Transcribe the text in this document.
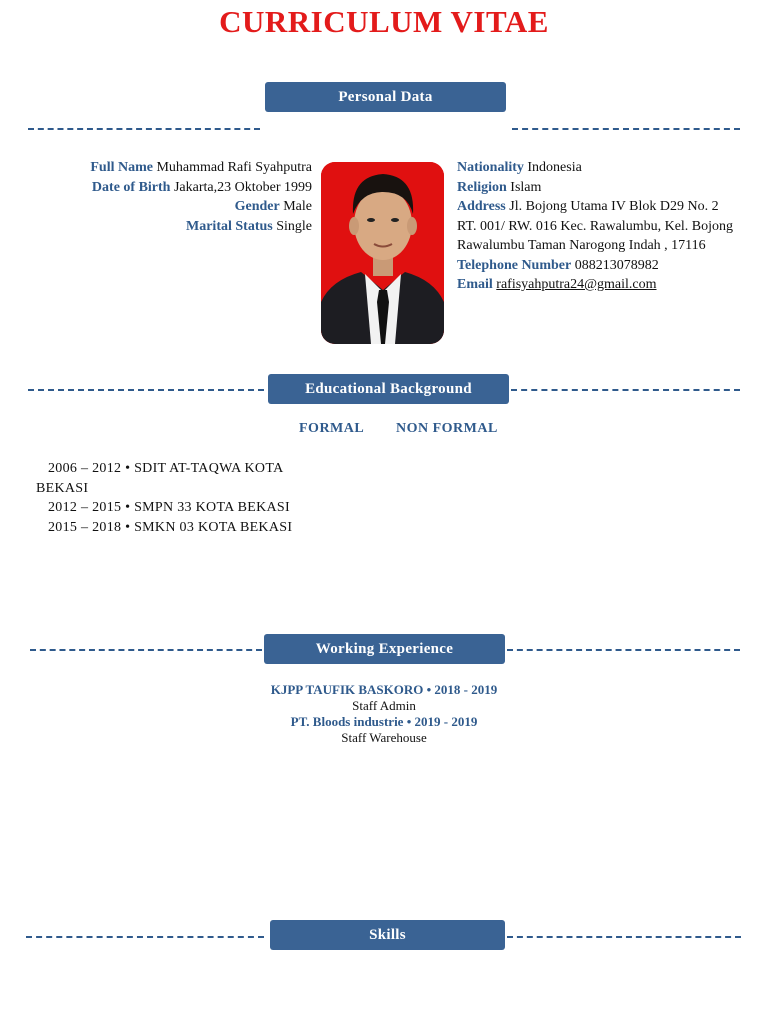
CURRICULUM VITAE
Personal Data
Full Name Muhammad Rafi Syahputra
Date of Birth Jakarta,23 Oktober 1999
Gender Male
Marital Status Single
Nationality Indonesia
Religion Islam
Address Jl. Bojong Utama IV Blok D29 No. 2 RT. 001/ RW. 016 Kec. Rawalumbu, Kel. Bojong Rawalumbu Taman Narogong Indah , 17116
Telephone Number 088213078982
Email rafisyahputra24@gmail.com
Educational Background
FORMAL NON FORMAL
2006 – 2012 • SDIT AT-TAQWA KOTA BEKASI
2012 – 2015 • SMPN 33 KOTA BEKASI
2015 – 2018 • SMKN 03 KOTA BEKASI
Working Experience
KJPP TAUFIK BASKORO • 2018 - 2019
Staff Admin
PT. Bloods industrie • 2019 - 2019
Staff Warehouse
Skills
